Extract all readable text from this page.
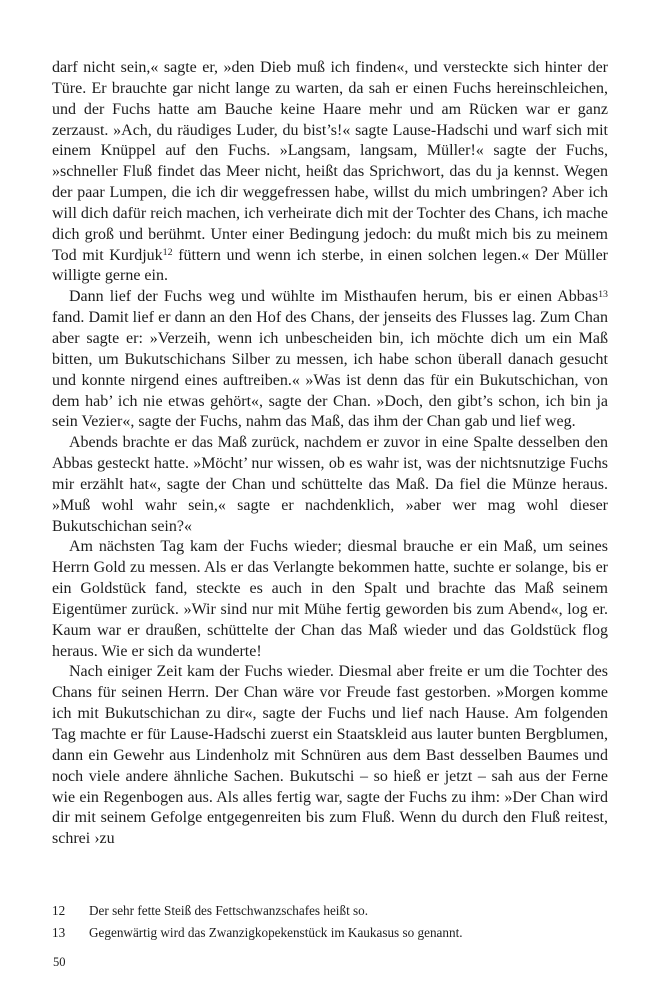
darf nicht sein,« sagte er, »den Dieb muß ich finden«, und versteckte sich hinter der Türe. Er brauchte gar nicht lange zu warten, da sah er einen Fuchs hereinschleichen, und der Fuchs hatte am Bauche keine Haare mehr und am Rücken war er ganz zerzaust. »Ach, du räudiges Luder, du bist’s!« sagte Lause-Hadschi und warf sich mit einem Knüppel auf den Fuchs. »Langsam, langsam, Müller!« sagte der Fuchs, »schneller Fluß findet das Meer nicht, heißt das Sprichwort, das du ja kennst. Wegen der paar Lumpen, die ich dir weggefressen habe, willst du mich umbringen? Aber ich will dich dafür reich machen, ich verheirate dich mit der Tochter des Chans, ich mache dich groß und berühmt. Unter einer Bedingung jedoch: du mußt mich bis zu meinem Tod mit Kurdjuk$^{12}$ füttern und wenn ich sterbe, in einen solchen legen.« Der Müller willigte gerne ein.

Dann lief der Fuchs weg und wühlte im Misthaufen herum, bis er einen Abbas$^{13}$ fand. Damit lief er dann an den Hof des Chans, der jenseits des Flusses lag. Zum Chan aber sagte er: »Verzeih, wenn ich unbescheiden bin, ich möchte dich um ein Maß bitten, um Bukutschichans Silber zu messen, ich habe schon überall danach gesucht und konnte nirgend eines auftreiben.« »Was ist denn das für ein Bukutschichan, von dem hab’ ich nie etwas gehört«, sagte der Chan. »Doch, den gibt’s schon, ich bin ja sein Vezier«, sagte der Fuchs, nahm das Maß, das ihm der Chan gab und lief weg.

Abends brachte er das Maß zurück, nachdem er zuvor in eine Spalte desselben den Abbas gesteckt hatte. »Möcht’ nur wissen, ob es wahr ist, was der nichtsnutzige Fuchs mir erzählt hat«, sagte der Chan und schüttelte das Maß. Da fiel die Münze heraus. »Muß wohl wahr sein,« sagte er nachdenklich, »aber wer mag wohl dieser Bukutschichan sein?«

Am nächsten Tag kam der Fuchs wieder; diesmal brauche er ein Maß, um seines Herrn Gold zu messen. Als er das Verlangte bekommen hatte, suchte er solange, bis er ein Goldstück fand, steckte es auch in den Spalt und brachte das Maß seinem Eigentümer zurück. »Wir sind nur mit Mühe fertig geworden bis zum Abend«, log er. Kaum war er draußen, schüttelte der Chan das Maß wieder und das Goldstück flog heraus. Wie er sich da wunderte!

Nach einiger Zeit kam der Fuchs wieder. Diesmal aber freite er um die Tochter des Chans für seinen Herrn. Der Chan wäre vor Freude fast gestorben. »Morgen komme ich mit Bukutschichan zu dir«, sagte der Fuchs und lief nach Hause. Am folgenden Tag machte er für Lause-Hadschi zuerst ein Staatskleid aus lauter bunten Bergblumen, dann ein Gewehr aus Lindenholz mit Schnüren aus dem Bast desselben Baumes und noch viele andere ähnliche Sachen. Bukutschi – so hieß er jetzt – sah aus der Ferne wie ein Regenbogen aus. Als alles fertig war, sagte der Fuchs zu ihm: »Der Chan wird dir mit seinem Gefolge entgegenreiten bis zum Fluß. Wenn du durch den Fluß reitest, schrei ›zu

12	Der sehr fette Steiß des Fettschwanzschafes heißt so.
13	Gegenwärtig wird das Zwanzigkopekenstück im Kaukasus so genannt.
50
